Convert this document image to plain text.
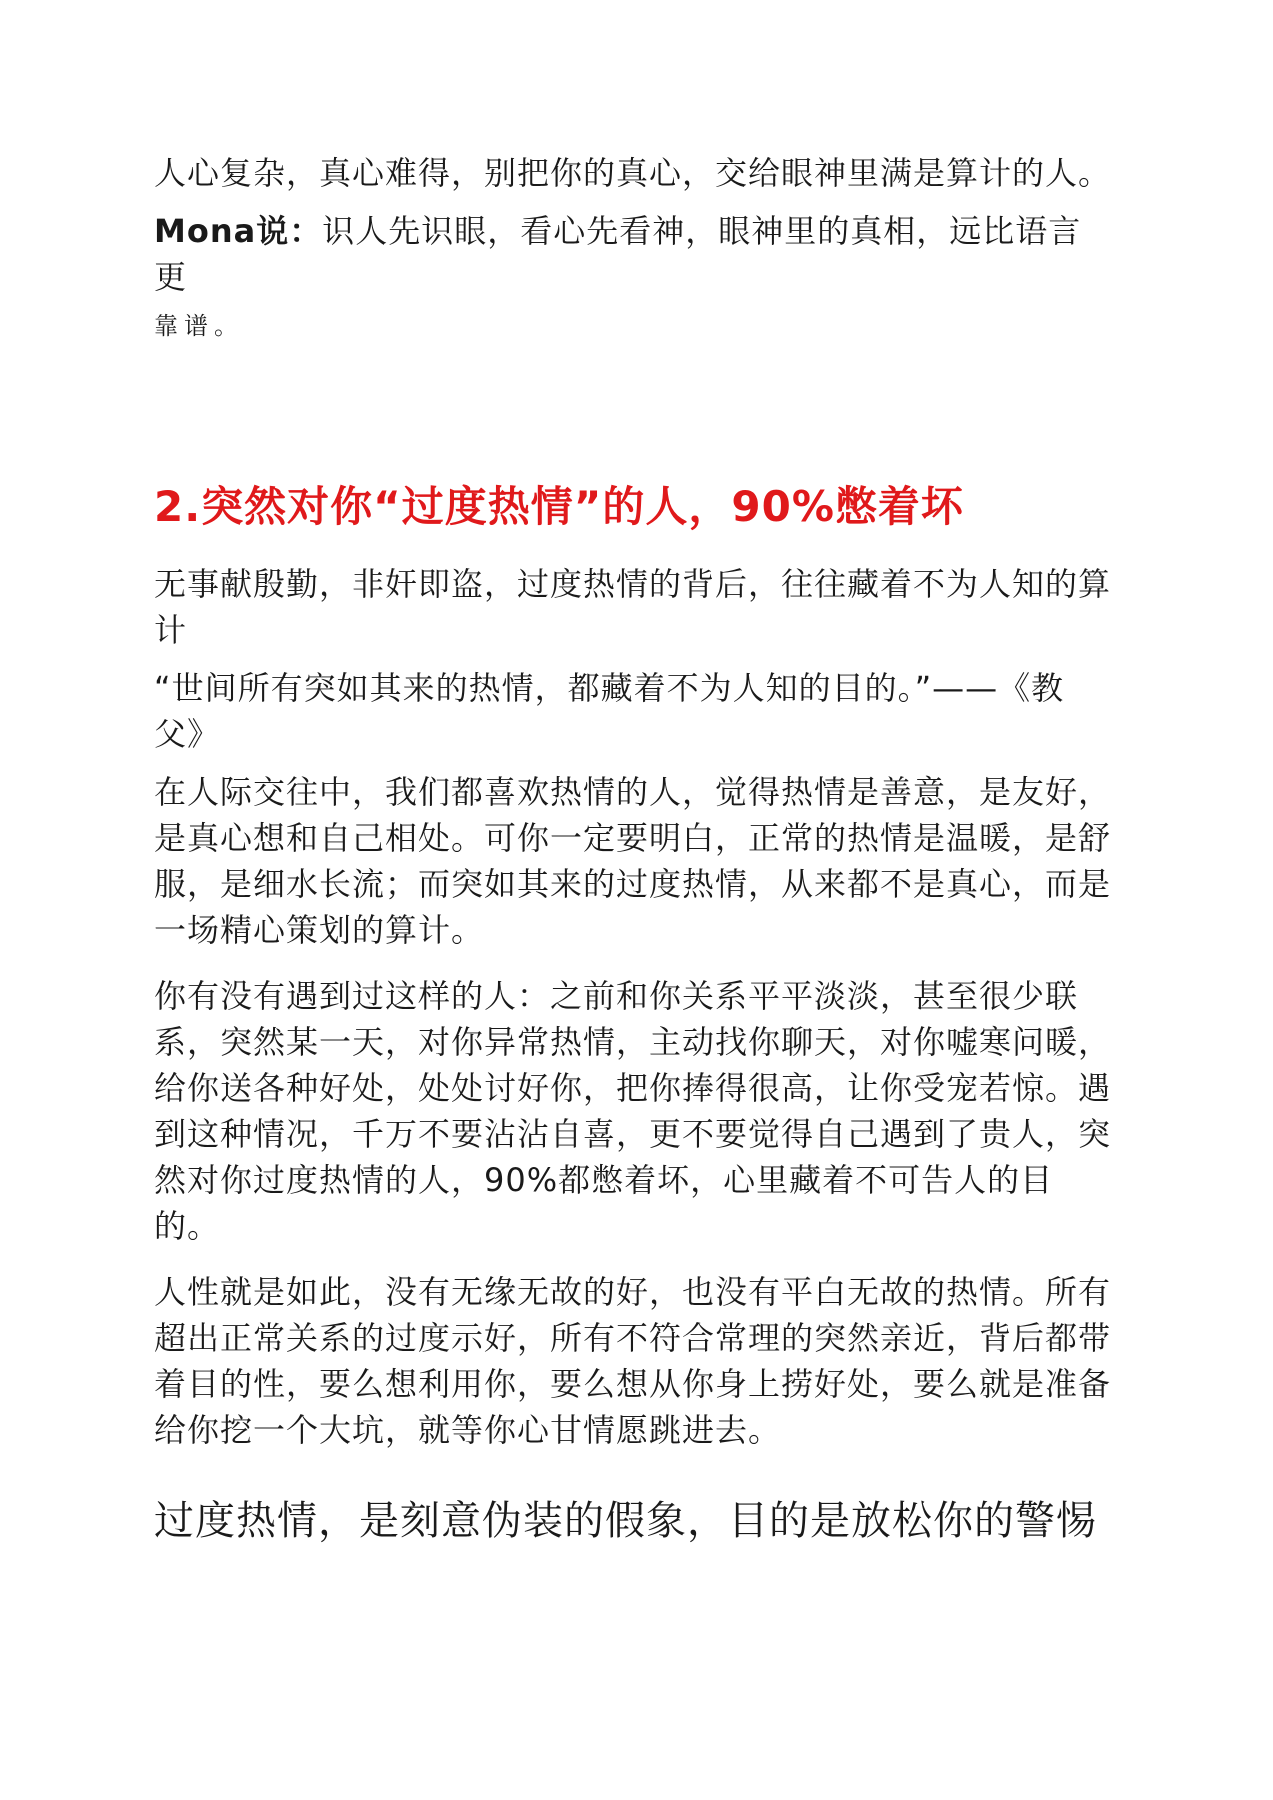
人心复杂，真心难得，别把你的真心，交给眼神里满是算计的人。

Mona说：识人先识眼，看心先看神，眼神里的真相，远比语言更
靠谱。

2.突然对你“过度热情”的人，90%憋着坏

无事献殷勤，非奸即盗，过度热情的背后，往往藏着不为人知的算计

“世间所有突如其来的热情，都藏着不为人知的目的。”——《教父》

在人际交往中，我们都喜欢热情的人，觉得热情是善意，是友好，是真心想和自己相处。可你一定要明白，正常的热情是温暖，是舒服，是细水长流；而突如其来的过度热情，从来都不是真心，而是一场精心策划的算计。

你有没有遇到过这样的人：之前和你关系平平淡淡，甚至很少联系，突然某一天，对你异常热情，主动找你聊天，对你嘘寒问暖，给你送各种好处，处处讨好你，把你捧得很高，让你受宠若惊。遇到这种情况，千万不要沾沾自喜，更不要觉得自己遇到了贵人，突然对你过度热情的人，90%都憋着坏，心里藏着不可告人的目的。

人性就是如此，没有无缘无故的好，也没有平白无故的热情。所有超出正常关系的过度示好，所有不符合常理的突然亲近，背后都带着目的性，要么想利用你，要么想从你身上捞好处，要么就是准备给你挖一个大坑，就等你心甘情愿跳进去。

过度热情，是刻意伪装的假象，目的是放松你的警惕
